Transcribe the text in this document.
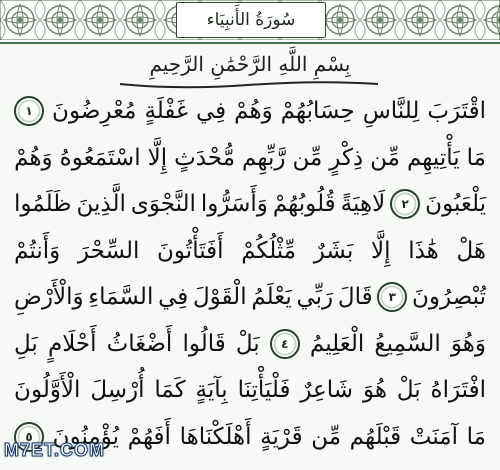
سُورَةُ الأَنبِيَاء
بِسْمِ اللَّهِ الرَّحْمَٰنِ الرَّحِيمِ
اقْتَرَبَ
لِلنَّاسِ
حِسَابُهُمْ
وَهُمْ
فِي
غَفْلَةٍ
مُعْرِضُونَ
١
مَا
يَأْتِيهِم
مِّن
ذِكْرٍ
مِّن
رَّبِّهِم
مُّحْدَثٍ
إِلَّا
اسْتَمَعُوهُ
وَهُمْ
يَلْعَبُونَ
٢
لَاهِيَةً
قُلُوبُهُمْ
وَأَسَرُّوا
النَّجْوَى
الَّذِينَ
ظَلَمُوا
هَلْ
هَٰذَا
إِلَّا
بَشَرٌ
مِّثْلُكُمْ
أَفَتَأْتُونَ
السِّحْرَ
وَأَنتُمْ
تُبْصِرُونَ
٣
قَالَ
رَبِّي
يَعْلَمُ
الْقَوْلَ
فِي
السَّمَاءِ
وَالْأَرْضِ
وَهُوَ
السَّمِيعُ
الْعَلِيمُ
٤
بَلْ
قَالُوا
أَضْغَاثُ
أَحْلَامٍ
بَلِ
افْتَرَاهُ
بَلْ
هُوَ
شَاعِرٌ
فَلْيَأْتِنَا
بِآيَةٍ
كَمَا
أُرْسِلَ
الْأَوَّلُونَ
مَا
آمَنَتْ
قَبْلَهُم
مِّن
قَرْيَةٍ
أَهْلَكْنَاهَا
أَفَهُمْ
يُؤْمِنُونَ
٥
M7ET.COM
